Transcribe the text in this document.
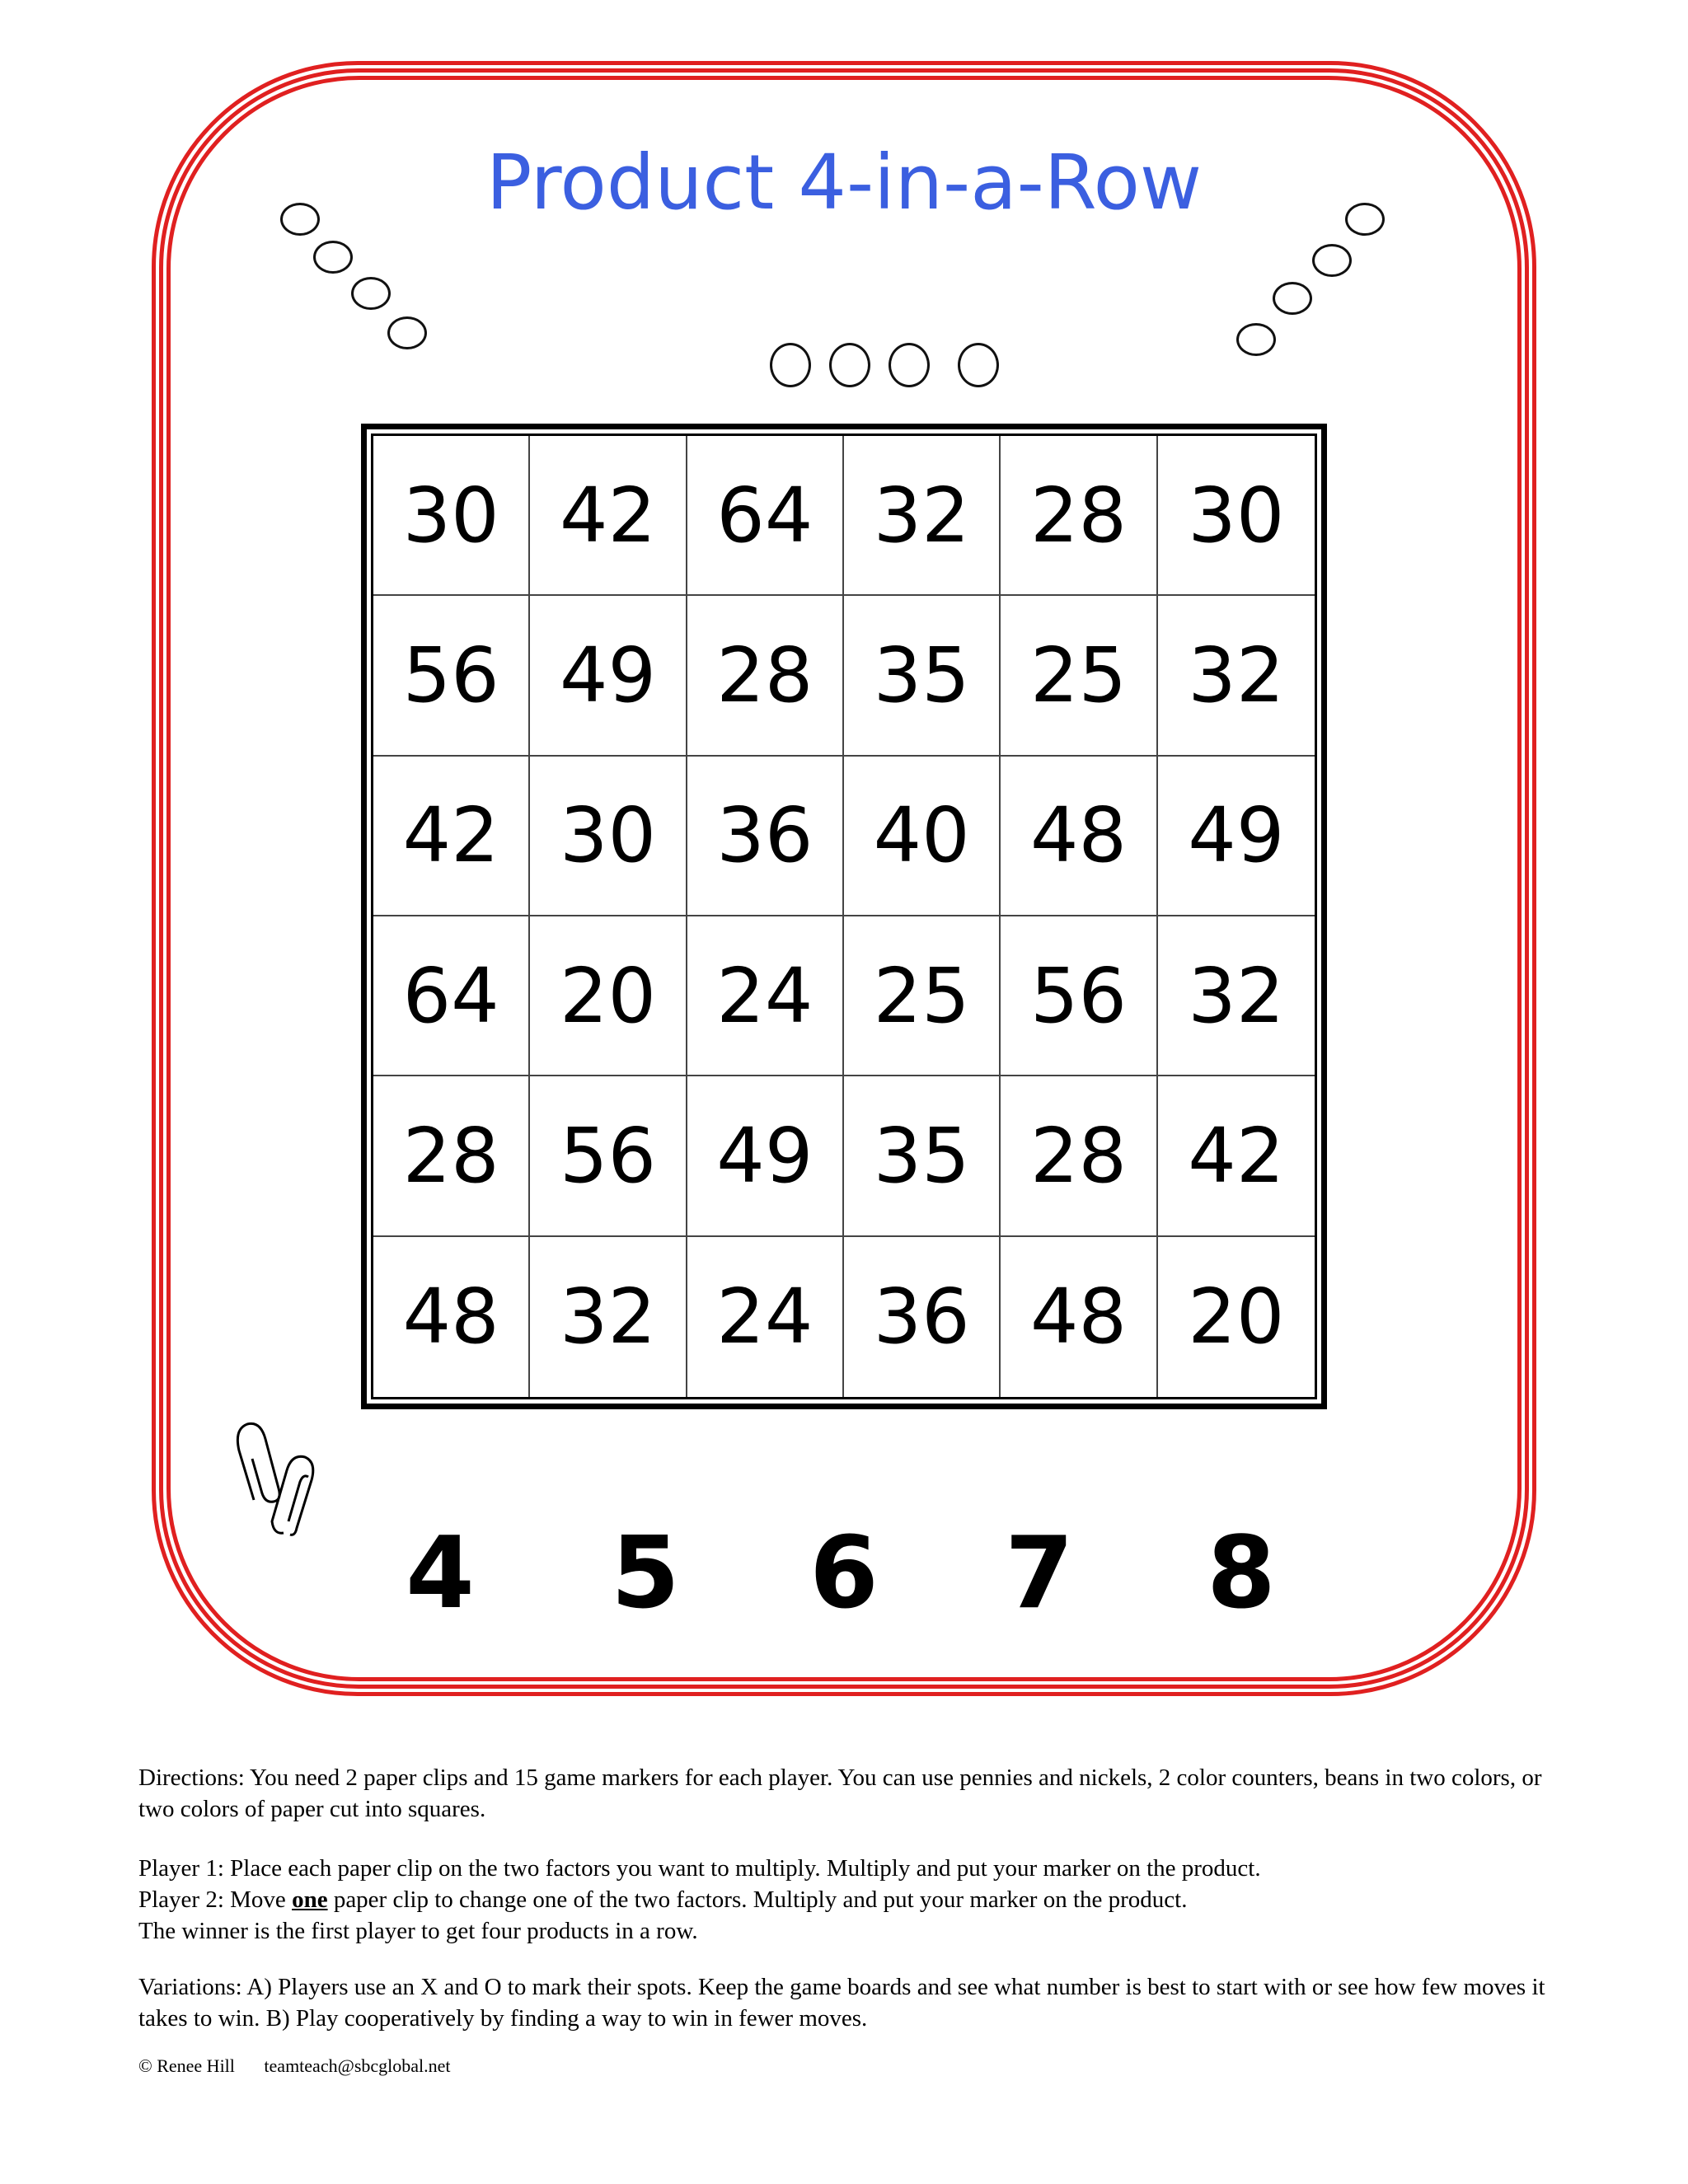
Product 4-in-a-Row
30 42 64 32 28 30
56 49 28 35 25 32
42 30 36 40 48 49
64 20 24 25 56 32
28 56 49 35 28 42
48 32 24 36 48 20
4 5 6 7 8

Directions: You need 2 paper clips and 15 game markers for each player. You can use pennies and nickels, 2 color counters, beans in two colors, or two colors of paper cut into squares.

Player 1: Place each paper clip on the two factors you want to multiply. Multiply and put your marker on the product.

Player 2: Move one paper clip to change one of the two factors. Multiply and put your marker on the product.

The winner is the first player to get four products in a row.

Variations: A) Players use an X and O to mark their spots. Keep the game boards and see what number is best to start with or see how few moves it takes to win. B) Play cooperatively by finding a way to win in fewer moves.

© Renee Hill teamteach@sbcglobal.net
